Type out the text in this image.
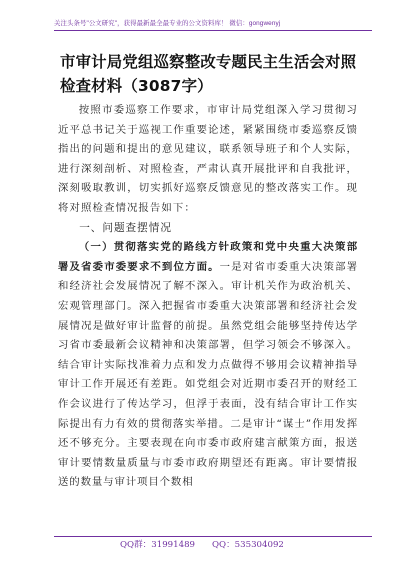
关注头条号"公文研究"，获得最新最全最专业的公文资料库！ 微信：gongwenyj
市审计局党组巡察整改专题民主生活会对照检查材料（3087字）

按照市委巡察工作要求，市审计局党组深入学习贯彻习近平总书记关于巡视工作重要论述，紧紧围绕市委巡察反馈指出的问题和提出的意见建议，联系领导班子和个人实际，进行深刻剖析、对照检查，严肃认真开展批评和自我批评，深刻吸取教训，切实抓好巡察反馈意见的整改落实工作。现将对照检查情况报告如下：

一、问题查摆情况

（一）贯彻落实党的路线方针政策和党中央重大决策部署及省委市委要求不到位方面。一是对省市委重大决策部署和经济社会发展情况了解不深入。审计机关作为政治机关、宏观管理部门。深入把握省市委重大决策部署和经济社会发展情况是做好审计监督的前提。虽然党组会能够坚持传达学习省市委最新会议精神和决策部署，但学习领会不够深入。结合审计实际找准着力点和发力点做得不够用会议精神指导审计工作开展还有差距。如党组会对近期市委召开的财经工作会议进行了传达学习，但浮于表面，没有结合审计工作实际提出有力有效的贯彻落实举措。二是审计“谋士”作用发挥还不够充分。主要表现在向市委市政府建言献策方面，报送审计要情数量质量与市委市政府期望还有距离。审计要情报送的数量与审计项目个数相

QQ群：31991489 QQ：535304092
